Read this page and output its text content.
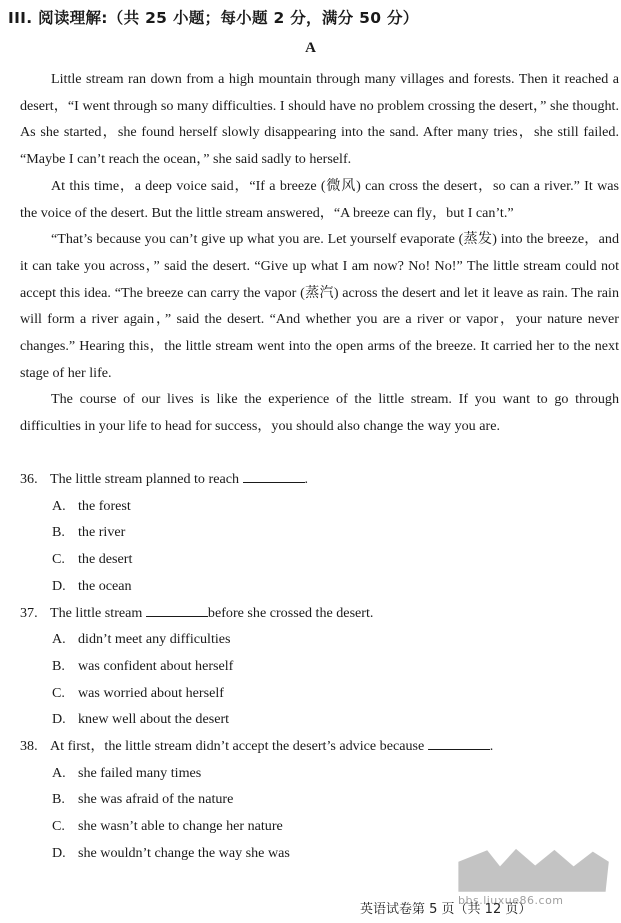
III. 阅读理解:（共 25 小题；每小题 2 分，满分 50 分）
A

Little stream ran down from a high mountain through many villages and forests. Then it reached a desert，“I went through so many difficulties. I should have no problem crossing the desert，” she thought. As she started，she found herself slowly disappearing into the sand. After many tries，she still failed. “Maybe I can’t reach the ocean，” she said sadly to herself.

At this time，a deep voice said，“If a breeze (微风) can cross the desert，so can a river.” It was the voice of the desert. But the little stream answered，“A breeze can fly，but I can’t.”

“That’s because you can’t give up what you are. Let yourself evaporate (蒸发) into the breeze，and it can take you across，” said the desert. “Give up what I am now? No! No!” The little stream could not accept this idea. “The breeze can carry the vapor (蒸汽) across the desert and let it leave as rain. The rain will form a river again，” said the desert. “And whether you are a river or vapor，your nature never changes.” Hearing this，the little stream went into the open arms of the breeze. It carried her to the next stage of her life.

The course of our lives is like the experience of the little stream. If you want to go through difficulties in your life to head for success，you should also change the way you are.

36. The little stream planned to reach	.
A. the forest
B. the river
C. the desert
D. the ocean
37. The little stream	before she crossed the desert.
A. didn’t meet any difficulties
B. was confident about herself
C. was worried about herself
D. knew well about the desert
38. At first，the little stream didn’t accept the desert’s advice because	.
A. she failed many times
B. she was afraid of the nature
C. she wasn’t able to change her nature
D. she wouldn’t change the way she was
bbs.liuxue86.com
英语试卷第 5 页（共 12 页）
